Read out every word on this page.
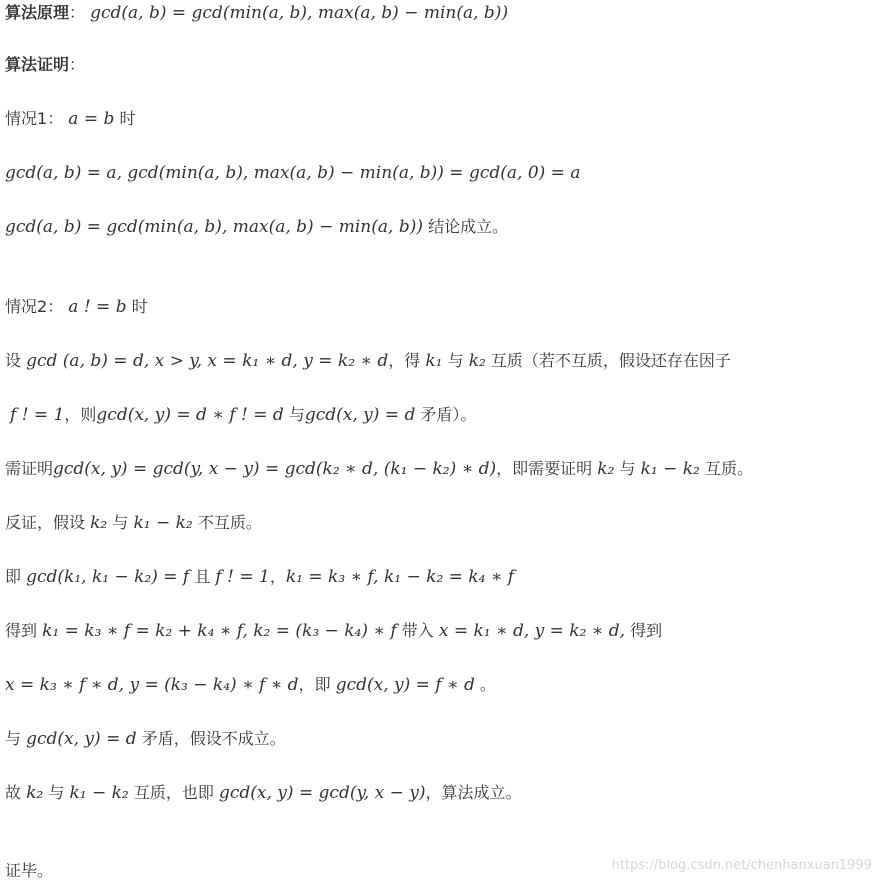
算法原理： gcd(a, b) = gcd(min(a, b), max(a, b) − min(a, b))
算法证明：
情况1： a = b 时
gcd(a, b) = a, gcd(min(a, b), max(a, b) − min(a, b)) = gcd(a, 0) = a
gcd(a, b) = gcd(min(a, b), max(a, b) − min(a, b)) 结论成立。
情况2： a ! = b 时
设 gcd (a, b) = d, x > y, x = k₁ ∗ d, y = k₂ ∗ d，得 k₁ 与 k₂ 互质（若不互质，假设还存在因子
f ! = 1，则gcd(x, y) = d ∗ f ! = d 与gcd(x, y) = d 矛盾）。
需证明gcd(x, y) = gcd(y, x − y) = gcd(k₂ ∗ d, (k₁ − k₂) ∗ d)，即需要证明 k₂ 与 k₁ − k₂ 互质。
反证，假设 k₂ 与 k₁ − k₂ 不互质。
即 gcd(k₁, k₁ − k₂) = f 且 f ! = 1，k₁ = k₃ ∗ f, k₁ − k₂ = k₄ ∗ f
得到 k₁ = k₃ ∗ f = k₂ + k₄ ∗ f, k₂ = (k₃ − k₄) ∗ f 带入 x = k₁ ∗ d, y = k₂ ∗ d, 得到
x = k₃ ∗ f ∗ d, y = (k₃ − k₄) ∗ f ∗ d，即 gcd(x, y) = f ∗ d 。
与 gcd(x, y) = d 矛盾，假设不成立。
故 k₂ 与 k₁ − k₂ 互质，也即 gcd(x, y) = gcd(y, x − y)，算法成立。
证毕。	https://blog.csdn.net/chenhanxuan1999
